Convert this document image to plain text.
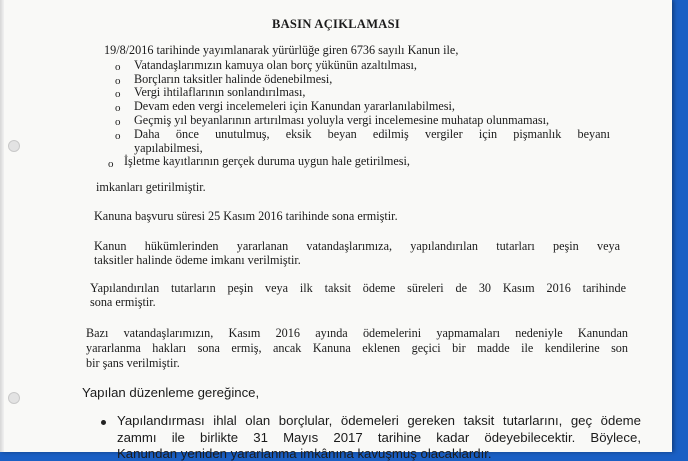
BASIN AÇIKLAMASI
19/8/2016 tarihinde yayımlanarak yürürlüğe giren 6736 sayılı Kanun ile,
o Vatandaşlarımızın kamuya olan borç yükünün azaltılması,
o Borçların taksitler halinde ödenebilmesi,
o Vergi ihtilaflarının sonlandırılması,
o Devam eden vergi incelemeleri için Kanundan yararlanılabilmesi,
o Geçmiş yıl beyanlarının artırılması yoluyla vergi incelemesine muhatap olunmaması,
o Daha önce unutulmuş, eksik beyan edilmiş vergiler için pişmanlık beyanı
yapılabilmesi,
o İşletme kayıtlarının gerçek duruma uygun hale getirilmesi,
imkanları getirilmiştir.
Kanuna başvuru süresi 25 Kasım 2016 tarihinde sona ermiştir.
Kanun hükümlerinden yararlanan vatandaşlarımıza, yapılandırılan tutarları peşin veya
taksitler halinde ödeme imkanı verilmiştir.
Yapılandırılan tutarların peşin veya ilk taksit ödeme süreleri de 30 Kasım 2016 tarihinde
sona ermiştir.
Bazı vatandaşlarımızın, Kasım 2016 ayında ödemelerini yapmamaları nedeniyle Kanundan
yararlanma hakları sona ermiş, ancak Kanuna eklenen geçici bir madde ile kendilerine son
bir şans verilmiştir.
Yapılan düzenleme gereğince,
Yapılandırması ihlal olan borçlular, ödemeleri gereken taksit tutarlarını, geç ödeme
zammı ile birlikte 31 Mayıs 2017 tarihine kadar ödeyebilecektir. Böylece,
Kanundan yeniden yararlanma imkânına kavuşmuş olacaklardır.
